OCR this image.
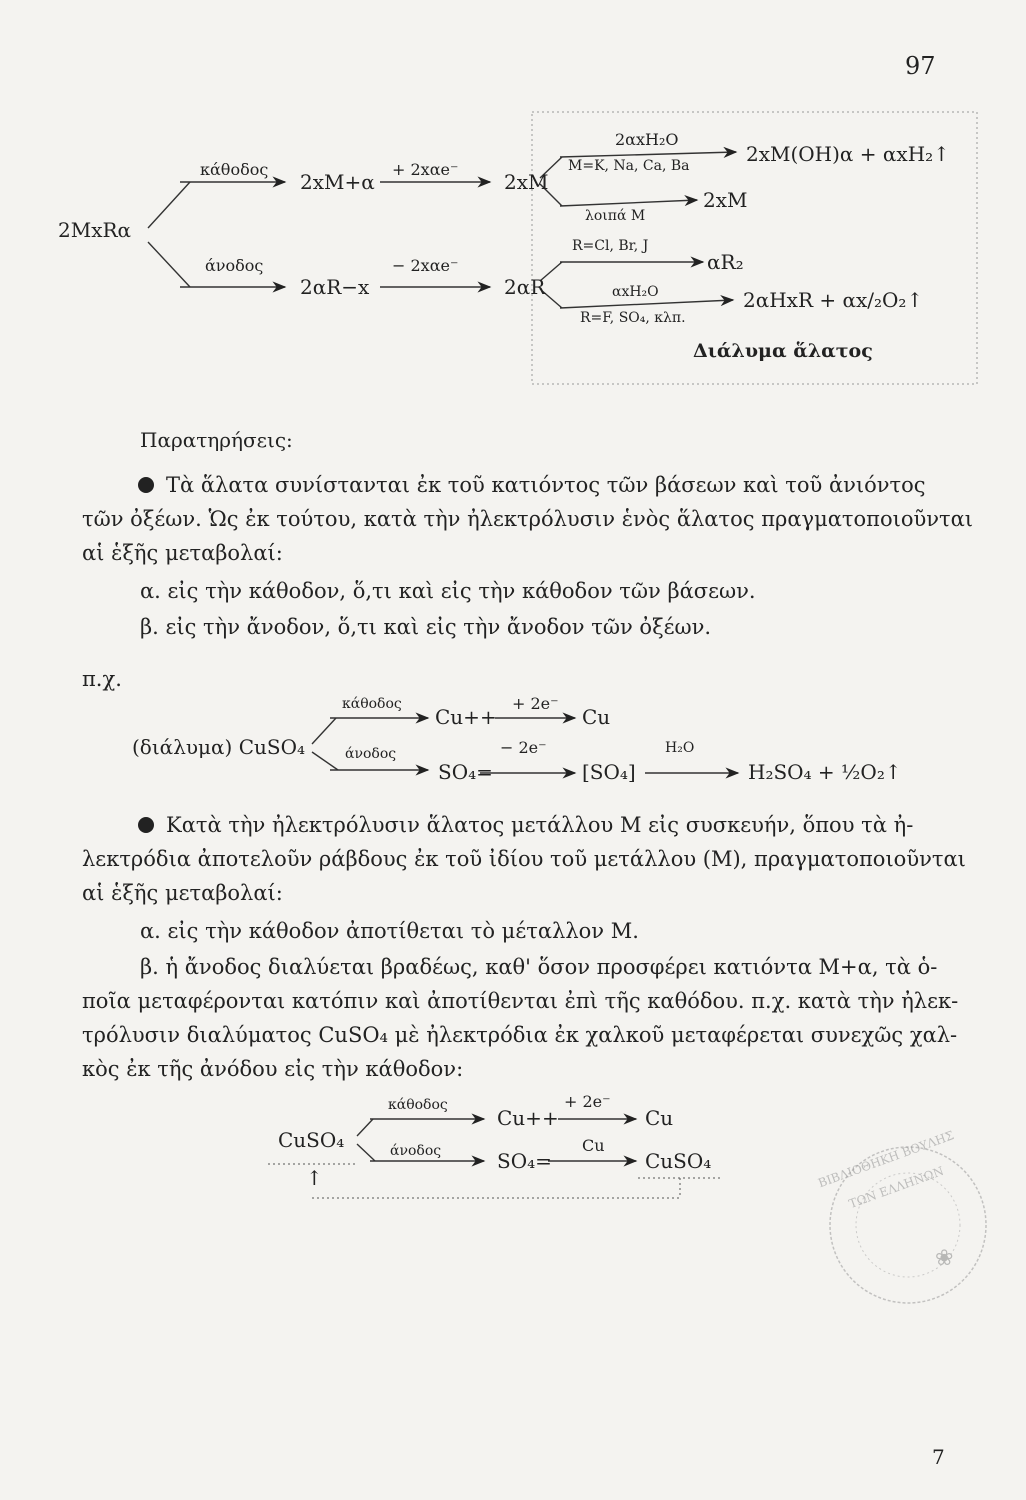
❀
97
2MxRα
κάθοδος
2xM+α
+ 2xαe⁻
2xM
άνοδος
2αR−x
− 2xαe⁻
2αR
2αxH₂O
M=K, Na, Ca, Ba	2xM(OH)α + αxH₂↑
λοιπά M
2xM
R=Cl, Br, J
αR₂
αxH₂O
R=F, SO₄, κλπ.
2αHxR + αx/₂O₂↑
Διάλυμα ἅλατος
Παρατηρήσεις:
Τὰ ἅλατα συνίστανται ἐκ τοῦ κατιόντος τῶν βάσεων καὶ τοῦ ἀνιόντος
τῶν ὀξέων. Ὡς ἐκ τούτου, κατὰ τὴν ἠλεκτρόλυσιν ἑνὸς ἅλατος πραγματοποιοῦνται
αἱ ἑξῆς μεταβολαί:
α. εἰς τὴν κάθοδον, ὅ,τι καὶ εἰς τὴν κάθοδον τῶν βάσεων.
β. εἰς τὴν ἄνοδον, ὅ,τι καὶ εἰς τὴν ἄνοδον τῶν ὀξέων.
π.χ.
(διάλυμα) CuSO₄
κάθοδος
Cu++
+ 2e⁻
Cu
άνοδος
SO₄=
− 2e⁻
[SO₄]
H₂O
H₂SO₄ + ½O₂↑
Κατὰ τὴν ἠλεκτρόλυσιν ἅλατος μετάλλου Μ εἰς συσκευήν, ὅπου τὰ ἠ-
λεκτρόδια ἀποτελοῦν ράβδους ἐκ τοῦ ἰδίου τοῦ μετάλλου (Μ), πραγματοποιοῦνται
αἱ ἑξῆς μεταβολαί:
α. εἰς τὴν κάθοδον ἀποτίθεται τὸ μέταλλον Μ.
β. ἡ ἄνοδος διαλύεται βραδέως, καθ' ὅσον προσφέρει κατιόντα Μ+α, τὰ ὁ-
ποῖα μεταφέρονται κατόπιν καὶ ἀποτίθενται ἐπὶ τῆς καθόδου. π.χ. κατὰ τὴν ἠλεκ-
τρόλυσιν διαλύματος CuSO₄ μὲ ἠλεκτρόδια ἐκ χαλκοῦ μεταφέρεται συνεχῶς χαλ-
κὸς ἐκ τῆς ἀνόδου εἰς τὴν κάθοδον:
CuSO₄
κάθοδος
Cu++
+ 2e⁻
Cu
άνοδος	SO₄=
Cu
CuSO₄
↑	ΒΙΒΛΙΟΘΗΚΗ ΒΟΥΛΗΣ ΤΩΝ ΕΛΛΗΝΩΝ
7
